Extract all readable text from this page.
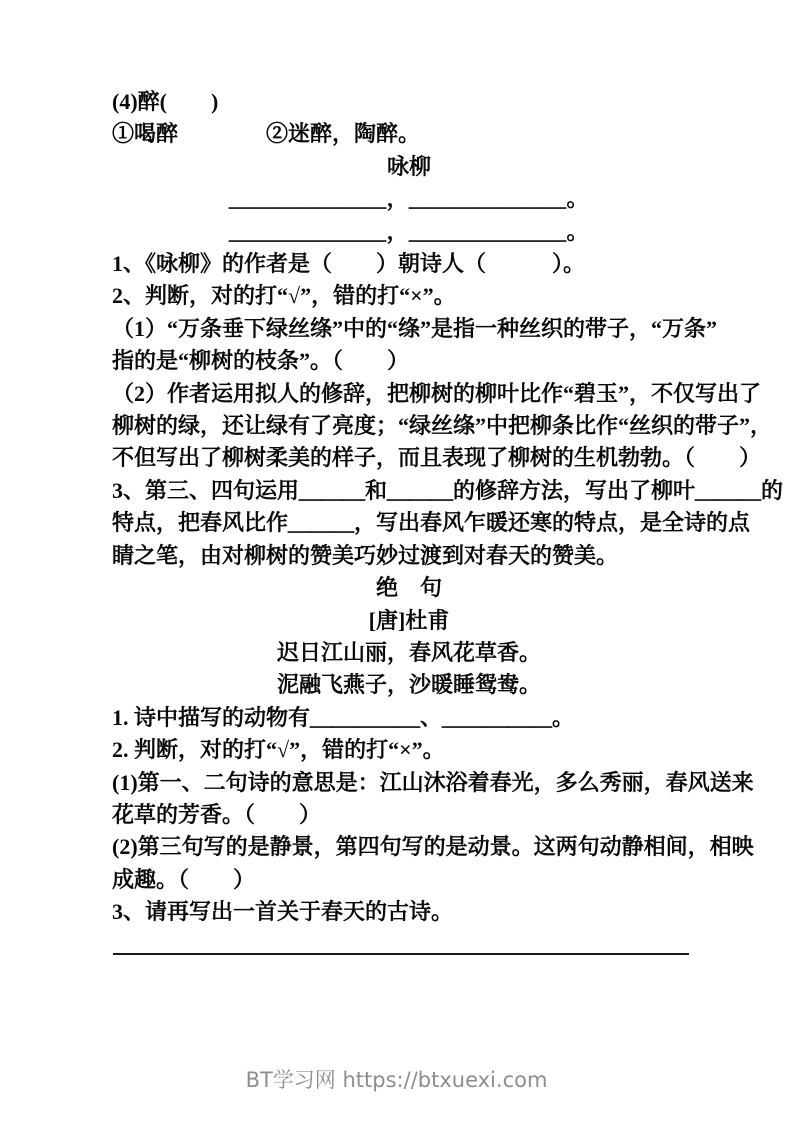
(4)醉(　　)
①喝醉　　　　②迷醉，陶醉。
咏柳
＿＿＿＿＿＿＿，＿＿＿＿＿＿＿。
＿＿＿＿＿＿＿，＿＿＿＿＿＿＿。
1、《咏柳》的作者是（　　）朝诗人（　　　）。
2、判断，对的打“√”，错的打“×”。
（1）“万条垂下绿丝绦”中的“绦”是指一种丝织的带子，“万条”
指的是“柳树的枝条”。（　　）
（2）作者运用拟人的修辞，把柳树的柳叶比作“碧玉”，不仅写出了
柳树的绿，还让绿有了亮度；“绿丝绦”中把柳条比作“丝织的带子”，
不但写出了柳树柔美的样子，而且表现了柳树的生机勃勃。（　　）
3、第三、四句运用＿＿＿和＿＿＿的修辞方法，写出了柳叶＿＿＿的
特点，把春风比作＿＿＿，写出春风乍暖还寒的特点，是全诗的点
睛之笔，由对柳树的赞美巧妙过渡到对春天的赞美。
绝　句
[唐]杜甫
迟日江山丽，春风花草香。
泥融飞燕子，沙暖睡鸳鸯。
1. 诗中描写的动物有＿＿＿＿＿、＿＿＿＿＿。
2. 判断，对的打“√”，错的打“×”。
(1)第一、二句诗的意思是：江山沐浴着春光，多么秀丽，春风送来
花草的芳香。（　　）
(2)第三句写的是静景，第四句写的是动景。这两句动静相间，相映
成趣。（　　）
3、请再写出一首关于春天的古诗。
BT学习网 https://btxuexi.com
